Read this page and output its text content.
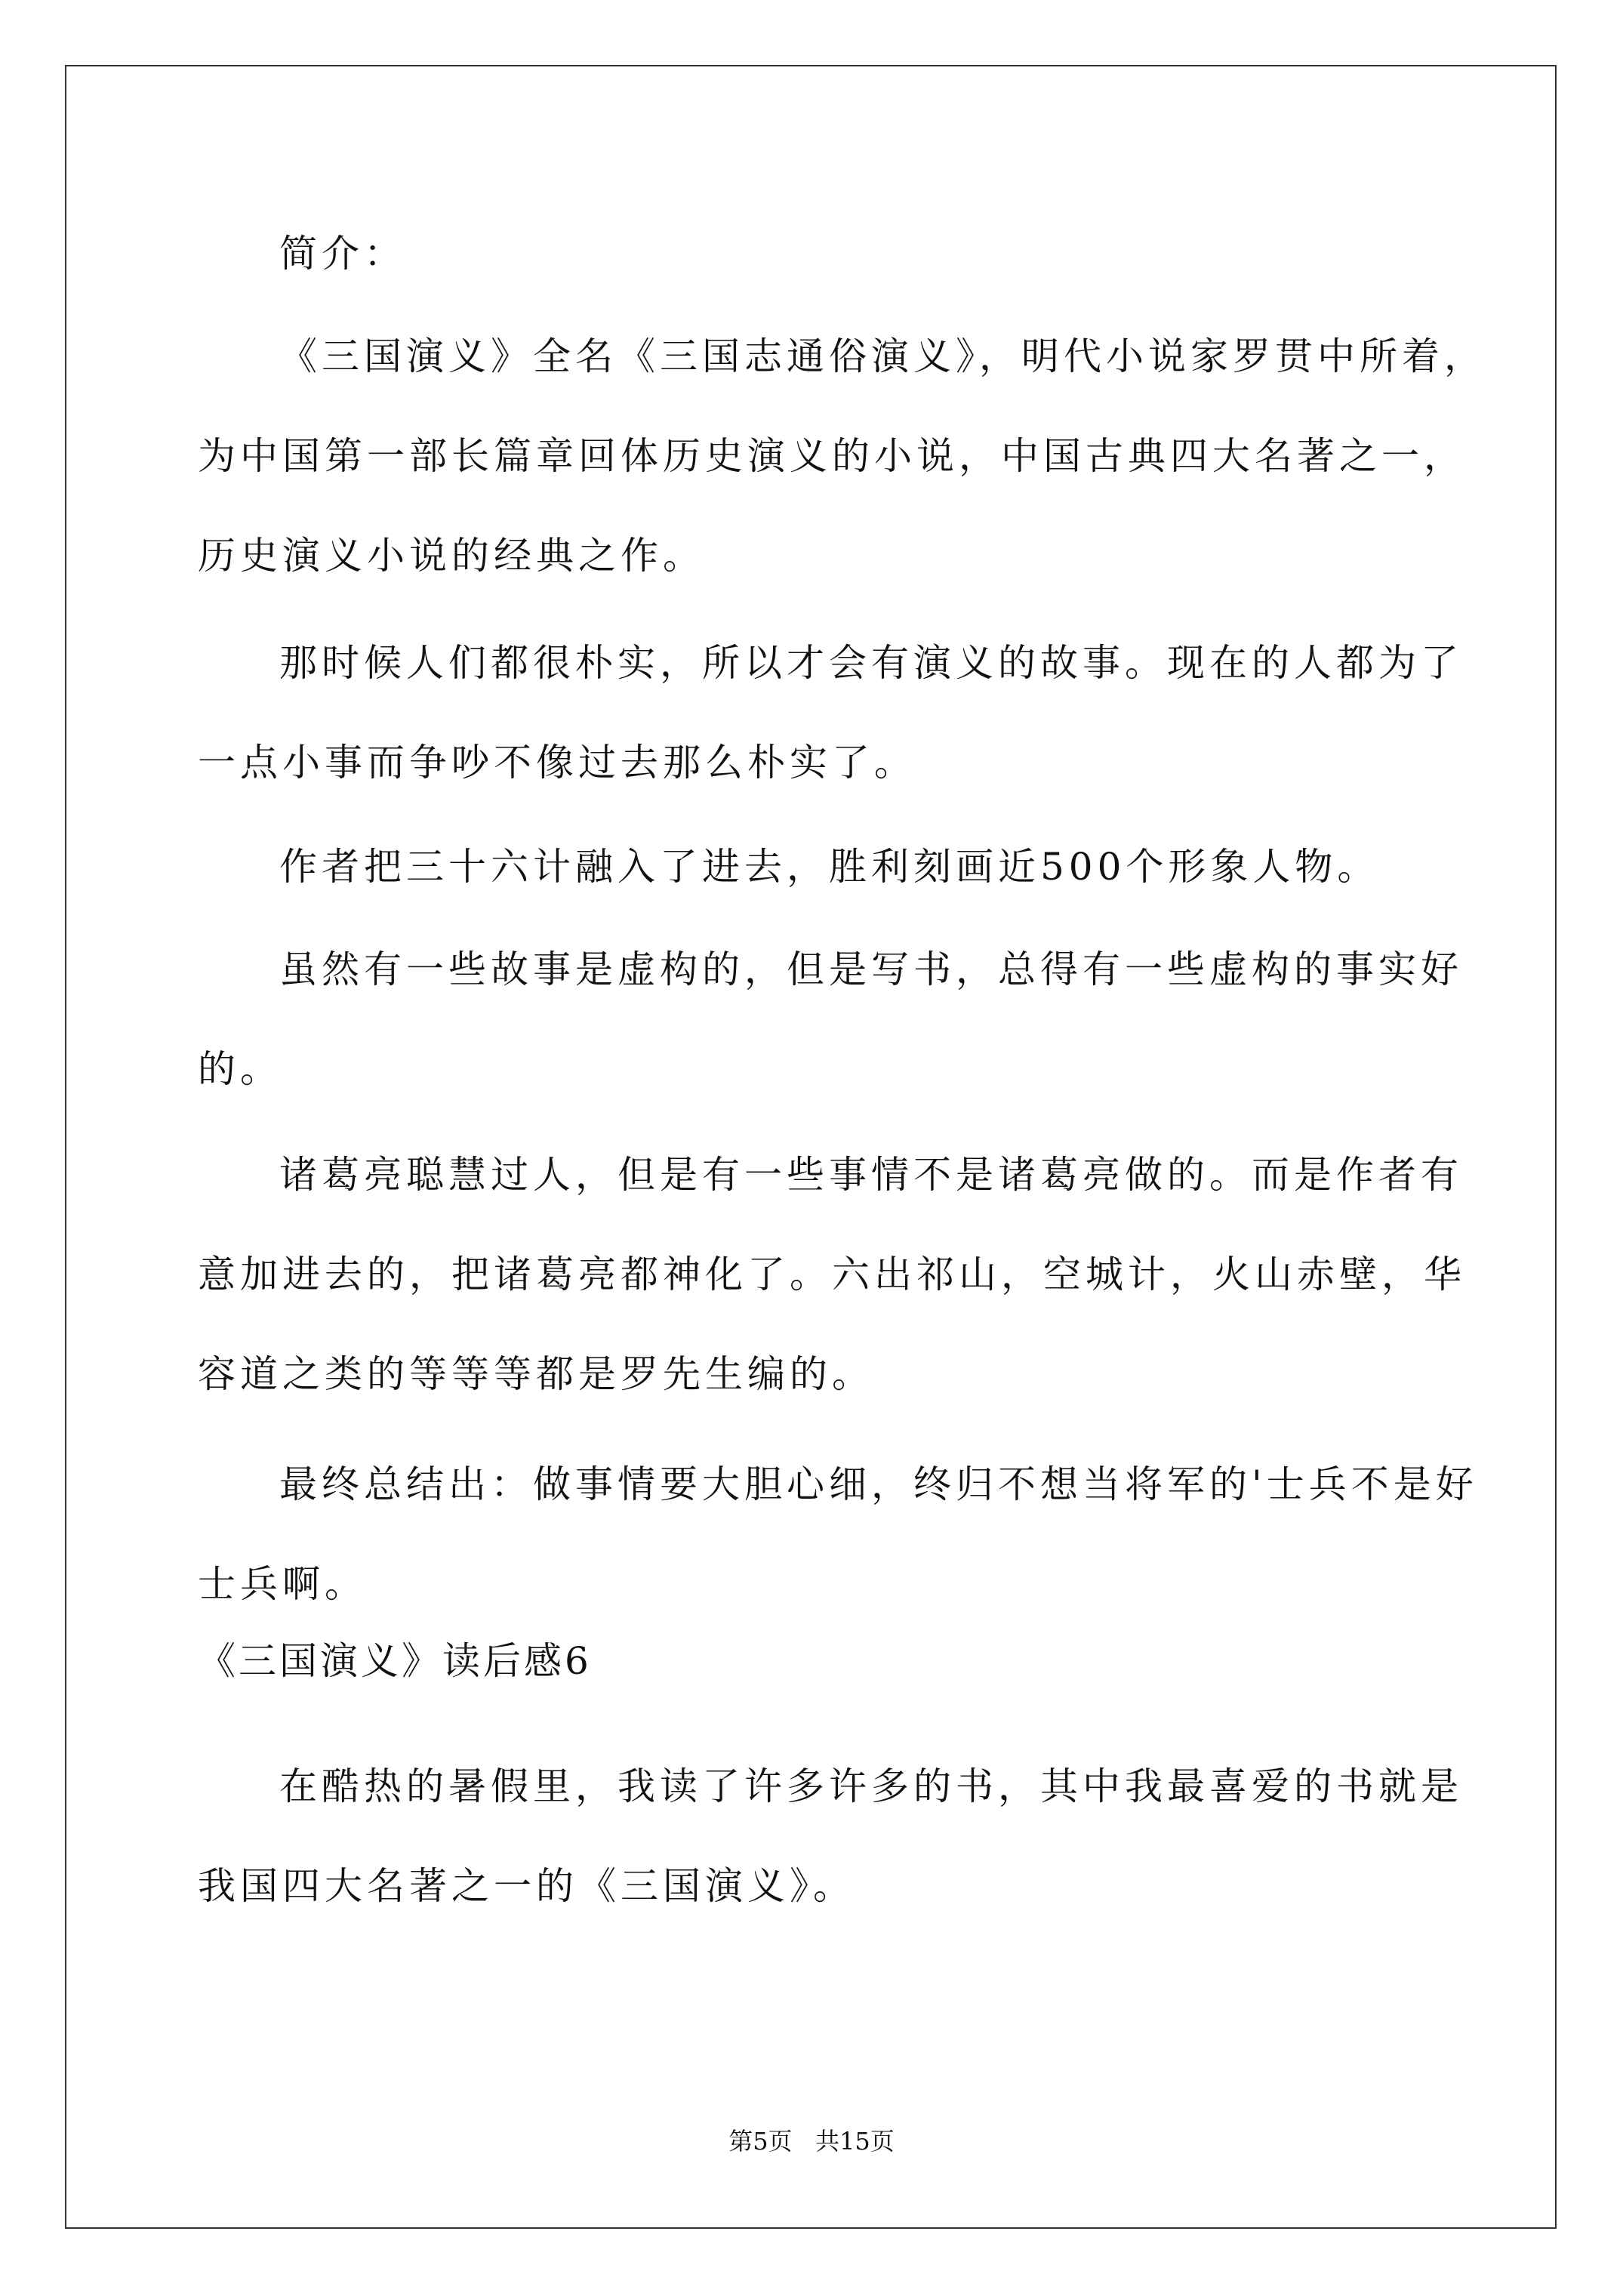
简介：
《三国演义》全名《三国志通俗演义》，明代小说家罗贯中所着，
为中国第一部长篇章回体历史演义的小说，中国古典四大名著之一，
历史演义小说的经典之作。
那时候人们都很朴实，所以才会有演义的故事。现在的人都为了
一点小事而争吵不像过去那么朴实了。
作者把三十六计融入了进去，胜利刻画近500个形象人物。
虽然有一些故事是虚构的，但是写书，总得有一些虚构的事实好
的。
诸葛亮聪慧过人，但是有一些事情不是诸葛亮做的。而是作者有
意加进去的，把诸葛亮都神化了。六出祁山，空城计，火山赤壁，华
容道之类的等等等都是罗先生编的。
最终总结出：做事情要大胆心细，终归不想当将军的'士兵不是好
士兵啊。
《三国演义》读后感6
在酷热的暑假里，我读了许多许多的书，其中我最喜爱的书就是
我国四大名著之一的《三国演义》。
第5页   共15页
